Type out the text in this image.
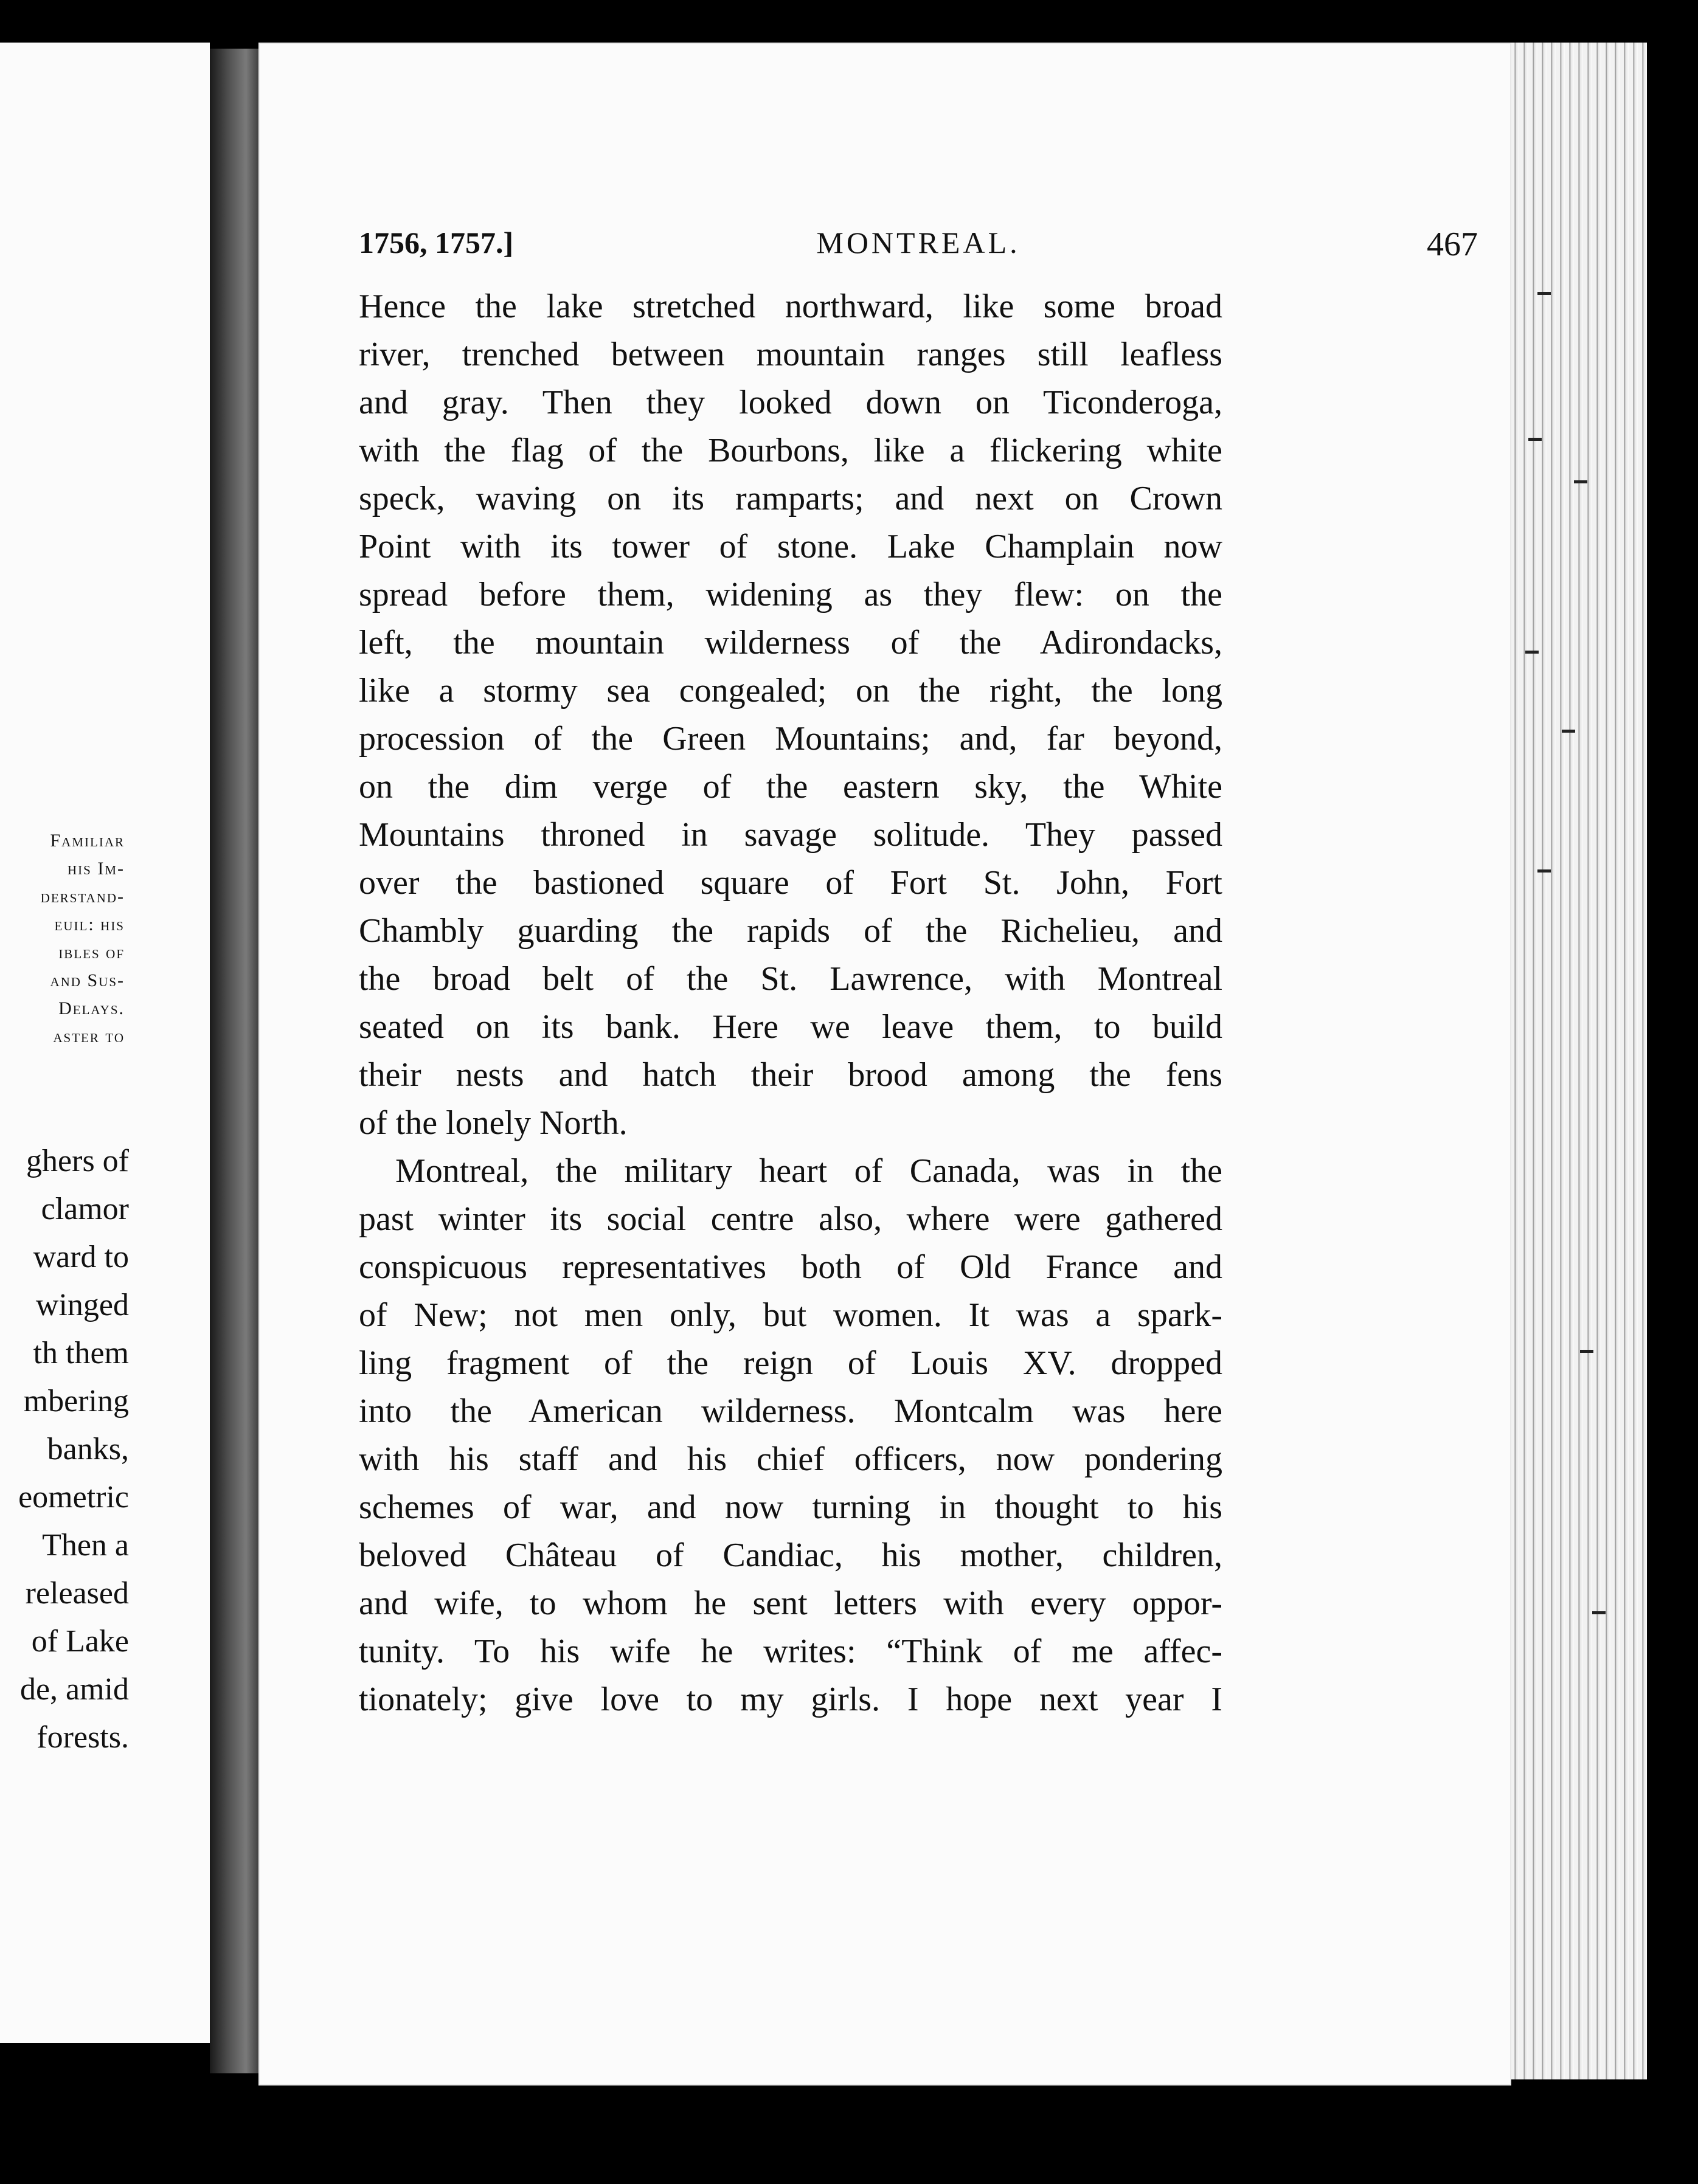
Familiar
his Im-
derstand-
euil: his
ibles of
and Sus-
Delays.
aster to
ghers of
clamor
ward to
winged
th them
mbering
banks,
eometric
Then a
released
of Lake
de, amid
forests.
1756, 1757.]	MONTREAL.	467
Hence the lake stretched northward, like some broad
river, trenched between mountain ranges still leafless
and gray. Then they looked down on Ticonderoga,
with the flag of the Bourbons, like a flickering white
speck, waving on its ramparts; and next on Crown
Point with its tower of stone. Lake Champlain now
spread before them, widening as they flew: on the
left, the mountain wilderness of the Adirondacks,
like a stormy sea congealed; on the right, the long
procession of the Green Mountains; and, far beyond,
on the dim verge of the eastern sky, the White
Mountains throned in savage solitude. They passed
over the bastioned square of Fort St. John, Fort
Chambly guarding the rapids of the Richelieu, and
the broad belt of the St. Lawrence, with Montreal
seated on its bank. Here we leave them, to build
their nests and hatch their brood among the fens
of the lonely North.
Montreal, the military heart of Canada, was in the
past winter its social centre also, where were gathered
conspicuous representatives both of Old France and
of New; not men only, but women. It was a spark-
ling fragment of the reign of Louis XV. dropped
into the American wilderness. Montcalm was here
with his staff and his chief officers, now pondering
schemes of war, and now turning in thought to his
beloved Château of Candiac, his mother, children,
and wife, to whom he sent letters with every oppor-
tunity. To his wife he writes: “Think of me affec-
tionately; give love to my girls. I hope next year I
